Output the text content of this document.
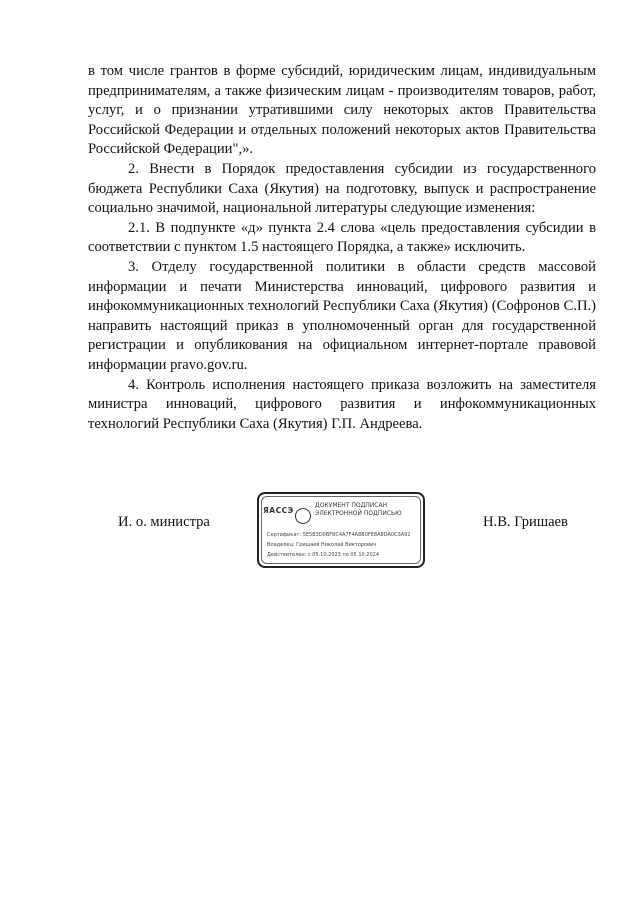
в том числе грантов в форме субсидий, юридическим лицам, индивидуальным предпринимателям, а также физическим лицам - производителям товаров, работ, услуг, и о признании утратившими силу некоторых актов Правительства Российской Федерации и отдельных положений некоторых актов Правительства Российской Федерации",».

2. Внести в Порядок предоставления субсидии из государственного бюджета Республики Саха (Якутия) на подготовку, выпуск и распространение социально значимой, национальной литературы следующие изменения:

2.1. В подпункте «д» пункта 2.4 слова «цель предоставления субсидии в соответствии с пунктом 1.5 настоящего Порядка, а также» исключить.

3. Отделу государственной политики в области средств массовой информации и печати Министерства инноваций, цифрового развития и инфокоммуникационных технологий Республики Саха (Якутия) (Софронов С.П.) направить настоящий приказ в уполномоченный орган для государственной регистрации и опубликования на официальном интернет-портале правовой информации pravo.gov.ru.

4. Контроль исполнения настоящего приказа возложить на заместителя министра инноваций, цифрового развития и инфокоммуникационных технологий Республики Саха (Якутия) Г.П. Андреева.

И. о. министра
ЯАССЭ
ДОКУМЕНТ ПОДПИСАН
ЭЛЕКТРОННОЙ ПОДПИСЬЮ
Сертификат: 5E5B3D0BF8C4A7F4A8B0FE8A8DA0C3A92
Владелец: Гришаев Николай Викторович
Действителен: с 05.10.2023 по 05.10.2024
Н.В. Гришаев
